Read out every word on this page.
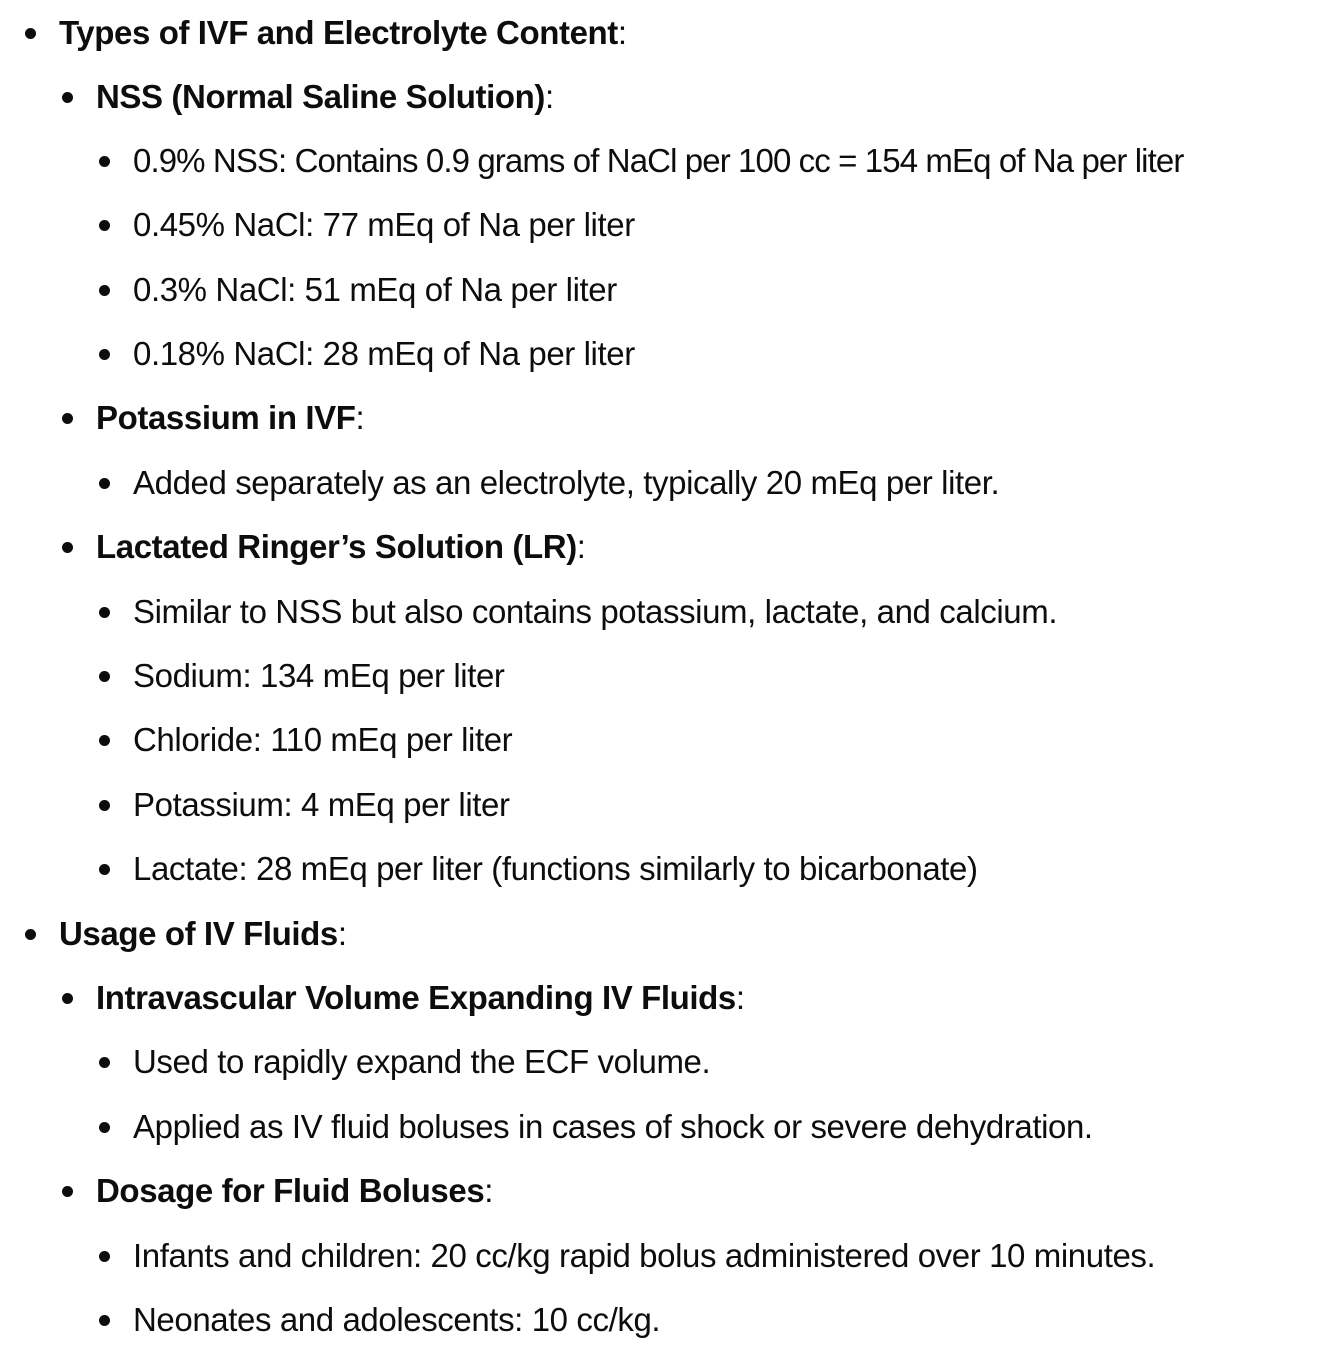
Types of IVF and Electrolyte Content:
NSS (Normal Saline Solution):
0.9% NSS: Contains 0.9 grams of NaCl per 100 cc = 154 mEq of Na per liter
0.45% NaCl: 77 mEq of Na per liter
0.3% NaCl: 51 mEq of Na per liter
0.18% NaCl: 28 mEq of Na per liter
Potassium in IVF:
Added separately as an electrolyte, typically 20 mEq per liter.
Lactated Ringer’s Solution (LR):
Similar to NSS but also contains potassium, lactate, and calcium.
Sodium: 134 mEq per liter
Chloride: 110 mEq per liter
Potassium: 4 mEq per liter
Lactate: 28 mEq per liter (functions similarly to bicarbonate)
Usage of IV Fluids:
Intravascular Volume Expanding IV Fluids:
Used to rapidly expand the ECF volume.
Applied as IV fluid boluses in cases of shock or severe dehydration.
Dosage for Fluid Boluses:
Infants and children: 20 cc/kg rapid bolus administered over 10 minutes.
Neonates and adolescents: 10 cc/kg.
